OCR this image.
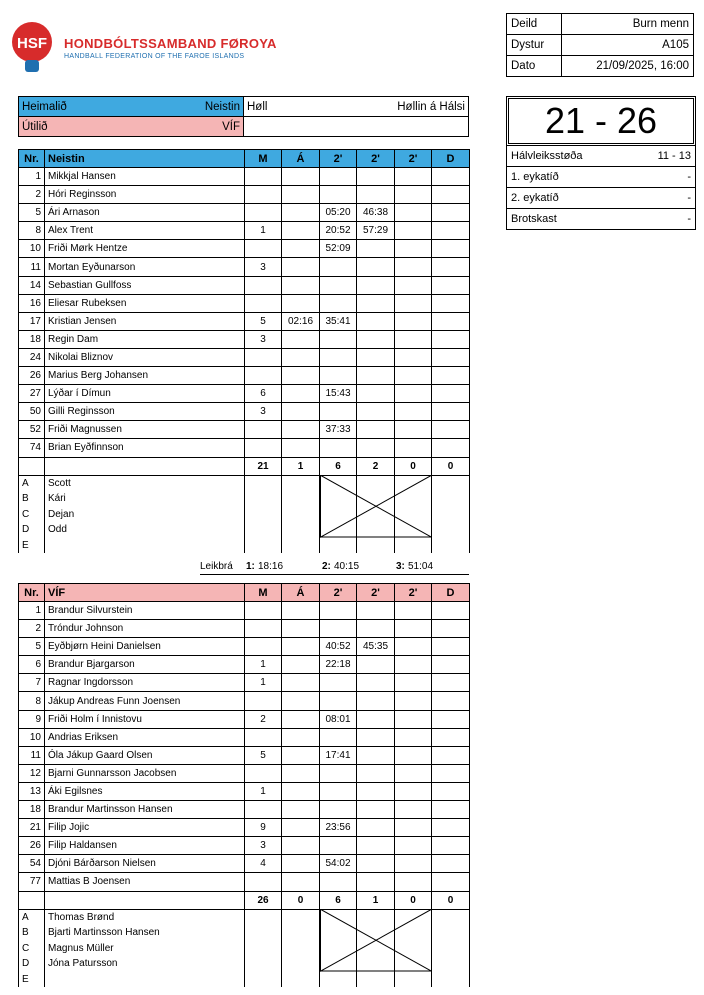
HSF HONDBÓLTSSAMBAND FØROYA
HANDBALL FEDERATION OF THE FAROE ISLANDS
Deild	Burn menn
Dystur	A105
Dato	21/09/2025, 16:00
Heimalið Neistin	Høll Høllin á Hálsi

Útilið VÍF	
		21 - 26
Hálvleiksstøða	11 - 13
1. eykatíð	-
2. eykatíð	-
Brotskast	-
Nr.	Neistin	M	Á	2'	2'	2'	D
1	Mikkjal Hansen						
2	Hóri Reginsson						
5	Ári Arnason			05:20	46:38		
8	Alex Trent	1		20:52	57:29		
10	Friði Mørk Hentze			52:09			
11	Mortan Eyðunarson	3					
14	Sebastian Gullfoss						
16	Eliesar Rubeksen						
17	Kristian Jensen	5	02:16	35:41			
18	Regin Dam	3					
24	Nikolai Bliznov						
26	Marius Berg Johansen						
27	Lýðar í Dímun	6		15:43			
50	Gilli Reginsson	3					
52	Friði Magnussen			37:33			
74	Brian Eyðfinnson						
		21	1	6	2	0	0
A	Scott						
B	Kári						
C	Dejan						
D	Odd						
E							
Leikbrá 1: 18:16	2: 40:15	3: 51:04
Nr.	VÍF	M	Á	2'	2'	2'	D
1	Brandur Silvurstein						
2	Tróndur Johnson						
5	Eyðbjørn Heini Danielsen			40:52	45:35		
6	Brandur Bjargarson	1		22:18			
7	Ragnar Ingdorsson	1					
8	Jákup Andreas Funn Joensen						
9	Friði Holm í Innistovu	2		08:01			
10	Andrias Eriksen						
11	Óla Jákup Gaard Olsen	5		17:41			
12	Bjarni Gunnarsson Jacobsen						
13	Áki Egilsnes	1					
18	Brandur Martinsson Hansen						
21	Filip Jojic	9		23:56			
26	Filip Haldansen	3					
54	Djóni Bárðarson Nielsen	4		54:02			
77	Mattias B Joensen						
		26	0	6	1	0	0
A	Thomas Brønd						
B	Bjarti Martinsson Hansen						
C	Magnus Müller						
D	Jóna Patursson						
E							
